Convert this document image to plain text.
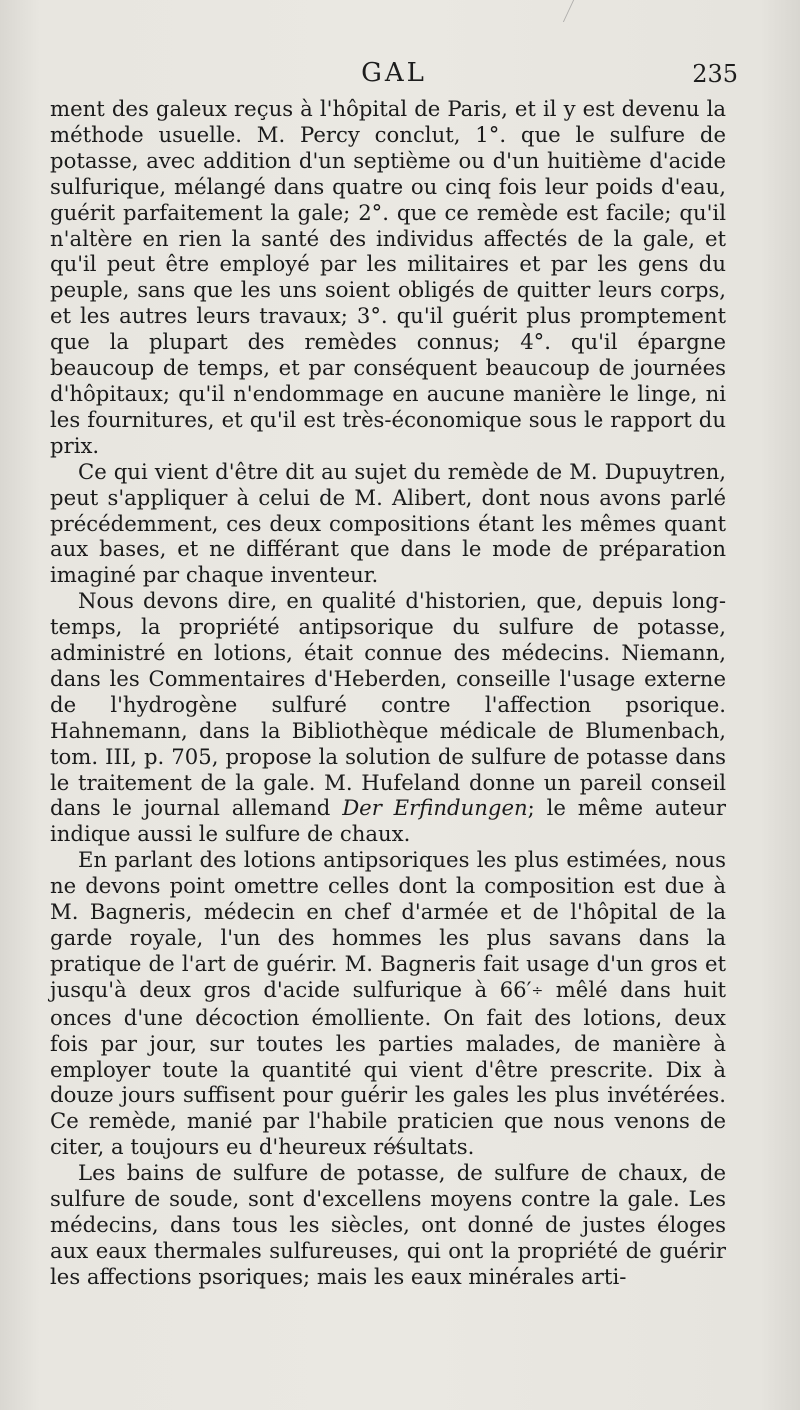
GAL	235

ment des galeux reçus à l'hôpital de Paris, et il y est devenu la méthode usuelle. M. Percy conclut, 1°. que le sulfure de potasse, avec addition d'un septième ou d'un huitième d'acide sulfurique, mélangé dans quatre ou cinq fois leur poids d'eau, guérit parfaitement la gale; 2°. que ce remède est facile; qu'il n'altère en rien la santé des individus affectés de la gale, et qu'il peut être employé par les militaires et par les gens du peuple, sans que les uns soient obligés de quitter leurs corps, et les autres leurs travaux; 3°. qu'il guérit plus promptement que la plupart des remèdes connus; 4°. qu'il épargne beaucoup de temps, et par conséquent beaucoup de journées d'hôpitaux; qu'il n'endommage en aucune manière le linge, ni les fournitures, et qu'il est très-économique sous le rapport du prix.

Ce qui vient d'être dit au sujet du remède de M. Dupuytren, peut s'appliquer à celui de M. Alibert, dont nous avons parlé précédemment, ces deux compositions étant les mêmes quant aux bases, et ne différant que dans le mode de préparation imaginé par chaque inventeur.

Nous devons dire, en qualité d'historien, que, depuis long-temps, la propriété antipsorique du sulfure de potasse, administré en lotions, était connue des médecins. Niemann, dans les Commentaires d'Heberden, conseille l'usage externe de l'hydrogène sulfuré contre l'affection psorique. Hahnemann, dans la Bibliothèque médicale de Blumenbach, tom. III, p. 705, propose la solution de sulfure de potasse dans le traitement de la gale. M. Hufeland donne un pareil conseil dans le journal allemand Der Erfindungen; le même auteur indique aussi le sulfure de chaux.

En parlant des lotions antipsoriques les plus estimées, nous ne devons point omettre celles dont la composition est due à M. Bagneris, médecin en chef d'armée et de l'hôpital de la garde royale, l'un des hommes les plus savans dans la pratique de l'art de guérir. M. Bagneris fait usage d'un gros et jusqu'à deux gros d'acide sulfurique à 66′÷ mêlé dans huit onces d'une décoction émolliente. On fait des lotions, deux fois par jour, sur toutes les parties malades, de manière à employer toute la quantité qui vient d'être prescrite. Dix à douze jours suffisent pour guérir les gales les plus invétérées. Ce remède, manié par l'habile praticien que nous venons de citer, a toujours eu d'heureux résultats.

Les bains de sulfure de potasse, de sulfure de chaux, de sulfure de soude, sont d'excellens moyens contre la gale. Les médecins, dans tous les siècles, ont donné de justes éloges aux eaux thermales sulfureuses, qui ont la propriété de guérir les affections psoriques; mais les eaux minérales arti-
